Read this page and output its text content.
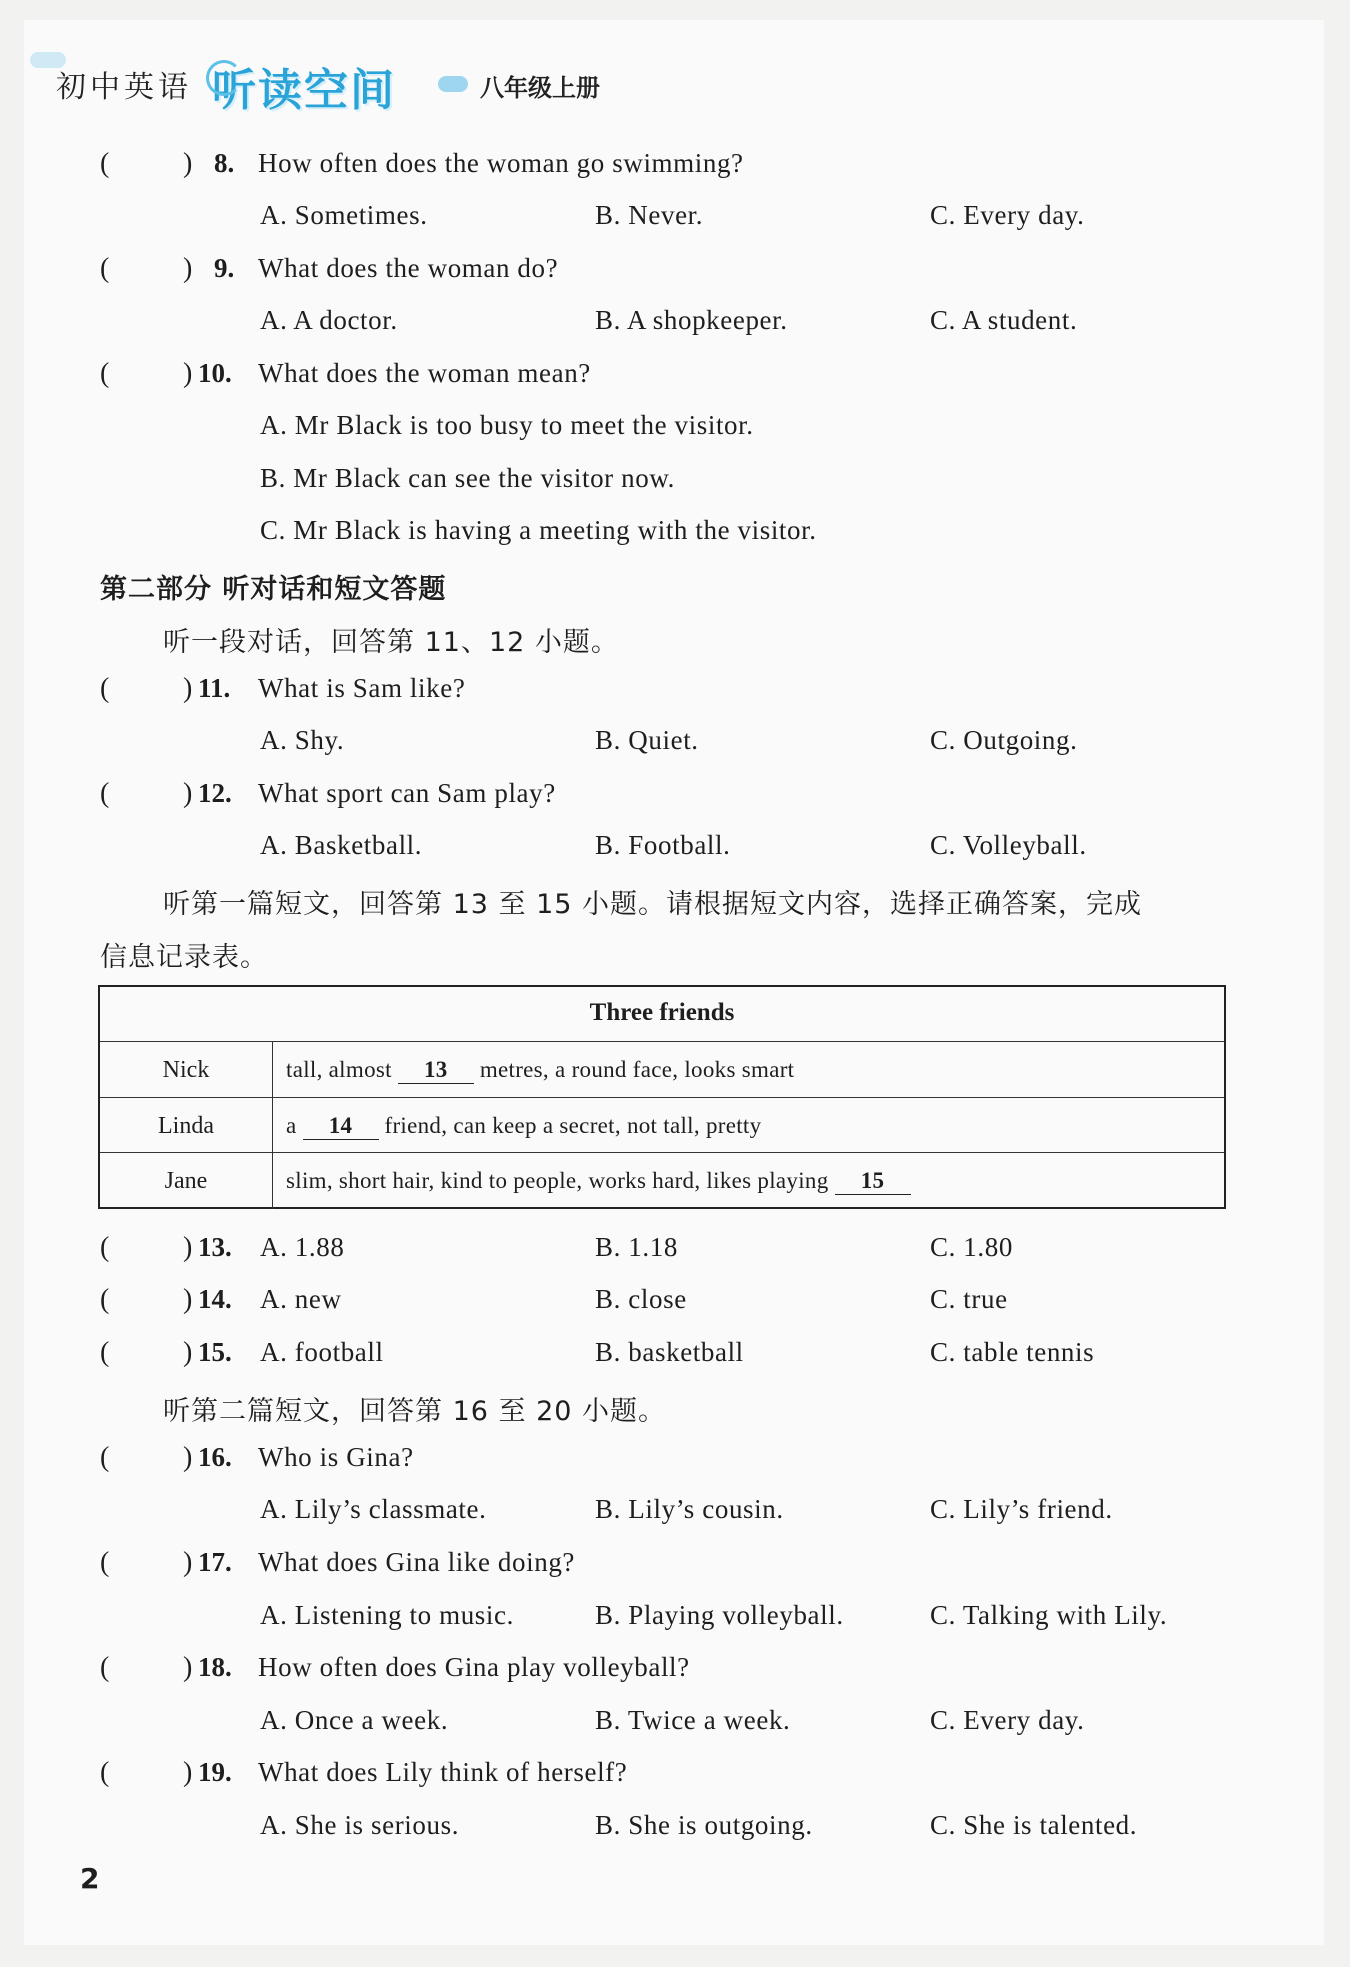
初中英语 听读空间	八年级上册
(	) 8. How often does the woman go swimming?
A. Sometimes.	B. Never.	C. Every day.
(	) 9. What does the woman do?
A. A doctor.	B. A shopkeeper.	C. A student.
(	) 10. What does the woman mean?
A. Mr Black is too busy to meet the visitor.
B. Mr Black can see the visitor now.
C. Mr Black is having a meeting with the visitor.
第二部分 听对话和短文答题
听一段对话，回答第 11、12 小题。
(	) 11. What is Sam like?
A. Shy.	B. Quiet.	C. Outgoing.
(	) 12. What sport can Sam play?
A. Basketball.	B. Football.	C. Volleyball.
听第一篇短文，回答第 13 至 15 小题。请根据短文内容，选择正确答案，完成
信息记录表。
Three friends
Nick	tall, almost 13 metres, a round face, looks smart
Linda	a 14 friend, can keep a secret, not tall, pretty
Jane	slim, short hair, kind to people, works hard, likes playing 15
(	) 13. A. 1.88	B. 1.18	C. 1.80
(	) 14. A. new	B. close	C. true
(	) 15. A. football	B. basketball	C. table tennis
听第二篇短文，回答第 16 至 20 小题。
(	) 16. Who is Gina?
A. Lily’s classmate.	B. Lily’s cousin.	C. Lily’s friend.
(	) 17. What does Gina like doing?
A. Listening to music.	B. Playing volleyball.	C. Talking with Lily.
(	) 18. How often does Gina play volleyball?
A. Once a week.	B. Twice a week.	C. Every day.
(	) 19. What does Lily think of herself?
A. She is serious.	B. She is outgoing.	C. She is talented.
2
